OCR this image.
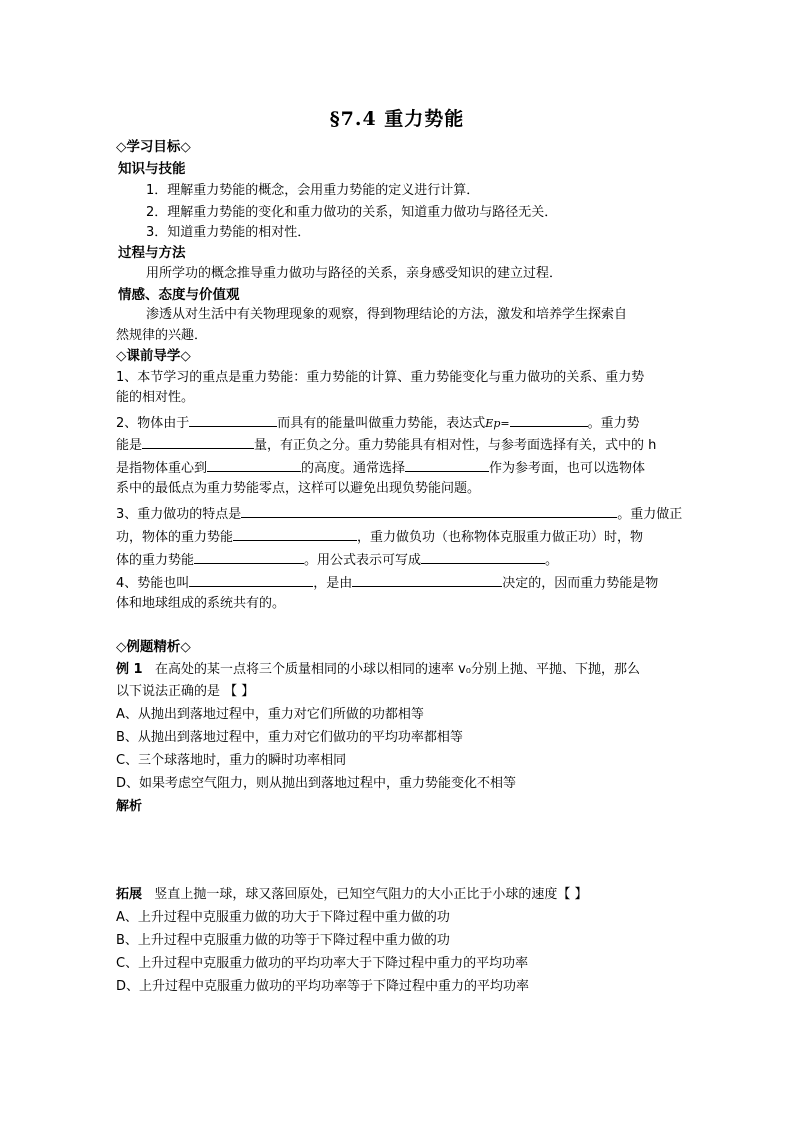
§7.4 重力势能
◇学习目标◇
知识与技能
1．理解重力势能的概念，会用重力势能的定义进行计算．
2．理解重力势能的变化和重力做功的关系，知道重力做功与路径无关．
3．知道重力势能的相对性．
过程与方法
用所学功的概念推导重力做功与路径的关系，亲身感受知识的建立过程．
情感、态度与价值观
渗透从对生活中有关物理现象的观察，得到物理结论的方法，激发和培养学生探索自
然规律的兴趣．
◇课前导学◇
1、本节学习的重点是重力势能：重力势能的计算、重力势能变化与重力做功的关系、重力势
能的相对性。
2、物体由于	而具有的能量叫做重力势能，表达式Ep=	。重力势
能是	量，有正负之分。重力势能具有相对性，与参考面选择有关，式中的 h
是指物体重心到	的高度。通常选择	作为参考面，也可以选物体
系中的最低点为重力势能零点，这样可以避免出现负势能问题。
3、重力做功的特点是	。重力做正
功，物体的重力势能	，重力做负功（也称物体克服重力做正功）时，物
体的重力势能	。用公式表示可写成	。
4、势能也叫	，是由	决定的，因而重力势能是物
体和地球组成的系统共有的。
◇例题精析◇
例 1 在高处的某一点将三个质量相同的小球以相同的速率 v₀分别上抛、平抛、下抛，那么
以下说法正确的是 【 】
A、从抛出到落地过程中，重力对它们所做的功都相等
B、从抛出到落地过程中，重力对它们做功的平均功率都相等
C、三个球落地时，重力的瞬时功率相同
D、如果考虑空气阻力，则从抛出到落地过程中，重力势能变化不相等
解析
拓展 竖直上抛一球，球又落回原处，已知空气阻力的大小正比于小球的速度【 】
A、上升过程中克服重力做的功大于下降过程中重力做的功
B、上升过程中克服重力做的功等于下降过程中重力做的功
C、上升过程中克服重力做功的平均功率大于下降过程中重力的平均功率
D、上升过程中克服重力做功的平均功率等于下降过程中重力的平均功率
